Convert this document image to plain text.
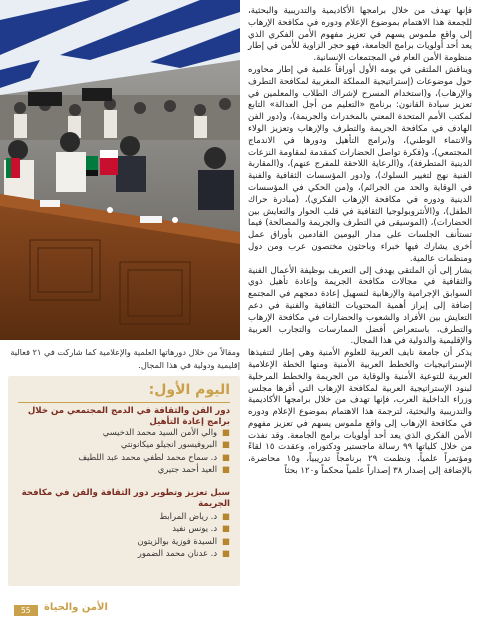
ومقالاً من خلال دورهاتها العلمية والإعلامية كما شاركت في ٢١ فعالية إقليمية ودولية في هذا المجال.

فإنها تهدف من خلال برامجها الأكاديمية والتدريبية والبحثية، للجمعة هذا الاهتمام بموضوع الإعلام ودوره في مكافحة الإرهاب إلى واقع ملموس يسهم في تعزيز مفهوم الأمن الفكري الذي يعد أحد أولويات برامج الجامعة، فهو حجر الزاوية للأمن في إطار منظومة الأمن العام في المجتمعات الإنسانية.

ويناقش الملتقى في يومه الأول أوراقاً علمية في إطار محاوره حول موضوعات (إستراتيجية المملكة المغربية لمكافحة التطرف والإرهاب)، و(استخدام المسرح لإشراك الطلاب والمعلمين في تعزيز سيادة القانون: برنامج «التعليم من أجل العدالة» التابع لمكتب الأمم المتحدة المعني بالمخدرات والجريمة)، و(دور الفن الهادف في مكافحة الجريمة والتطرف والإرهاب وتعزيز الولاء والانتماء الوطني)، و(برامج التأهيل ودورها في الاندماج المجتمعي)، و(فكرة تواصل الحضارات كمقدمة لمقاومة النزعات الدينية المتطرفة)، و(الرعاية اللاحقة للمفرج عنهم)، و(المقاربة الفنية نهج لتغيير السلوك)، و(دور المؤسسات الثقافية والفنية في الوقاية والحد من الجرائم)، و(من الحكي في المؤسسات الدينية ودوره في مكافحة الإرهاب الفكري)، (مبادرة حراك الطفل)، و(الأنثروبولوجيا الثقافية في قلب الحوار والتعايش بين الحضارات)، (الموسيقى في التطرف والجريمة والمصالحة) فيما تستأنف الجلسات على مدار اليومين القادمين بأوراق عمل أخرى يشارك فيها خبراء وباحثون مختصون عرب ومن دول ومنظمات عالمية.

يشار إلى أن الملتقى يهدف إلى التعريف بوظيفة الأعمال الفنية والثقافية في مجالات مكافحة الجريمة وإعادة تأهيل ذوي السوابق الإجرامية والإرهابية لتسهيل إعادة دمجهم في المجتمع إضافة إلى إبراز أهمية المحتويات الثقافية والفنية في دعم التعايش بين الأفراد والشعوب والحضارات في مكافحة الإرهاب والتطرف، باستعراض أفضل الممارسات والتجارب العربية والإقليمية والدولية في هذا المجال.

يذكر أن جامعة نايف العربية للعلوم الأمنية وهي إطار لتنفيذها الإستراتيجيات والخطط العربية الأمنية ومنها الخطة الإعلامية العربية للتوعية الأمنية والوقاية من الجريمة والخطط المرحلية لبنود الإستراتيجية العربية لمكافحة الإرهاب التي أقرها مجلس وزراء الداخلية العرب، فإنها تهدف من خلال برامجها الأكاديمية والتدريبية والبحثية، لترجمة هذا الاهتمام بموضوع الإعلام ودوره في مكافحة الإرهاب إلى واقع ملموس يسهم في تعزيز مفهوم الأمن الفكري الذي يعد أحد أولويات برامج الجامعة. وقد نفذت من خلال كلياتها ٩٩ رسالة ماجستير ودكتوراه، وعقدت ١٥ لقاءً ومؤتمراً علمياً، ونظمت ٢٩ برنامجاً تدريبياً، و١٥ محاضرة، بالإضافة إلى إصدار ٣٨ إصداراً علمياً محكماً و١٢٠ بحثاً

اليوم الأول:
دور الفن والثقافة في الدمج المجتمعي من خلال برامج إعادة التأهيل
■والي الأمن السيد محمد الدخيسي
■البروفيسور انجيلو ميكانونتي
■د. سماح محمد لطفي محمد عبد اللطيف
■العيد أحمد جتيري
سبل تعزيز وتطوير دور الثقافة والفن في مكافحة الجريمة
■د. رياض المرابط
■د. يونس نفيد
■السيدة فوزية بوالزيتون
■د. عدنان محمد الضمور
55	الأمن والحياة
